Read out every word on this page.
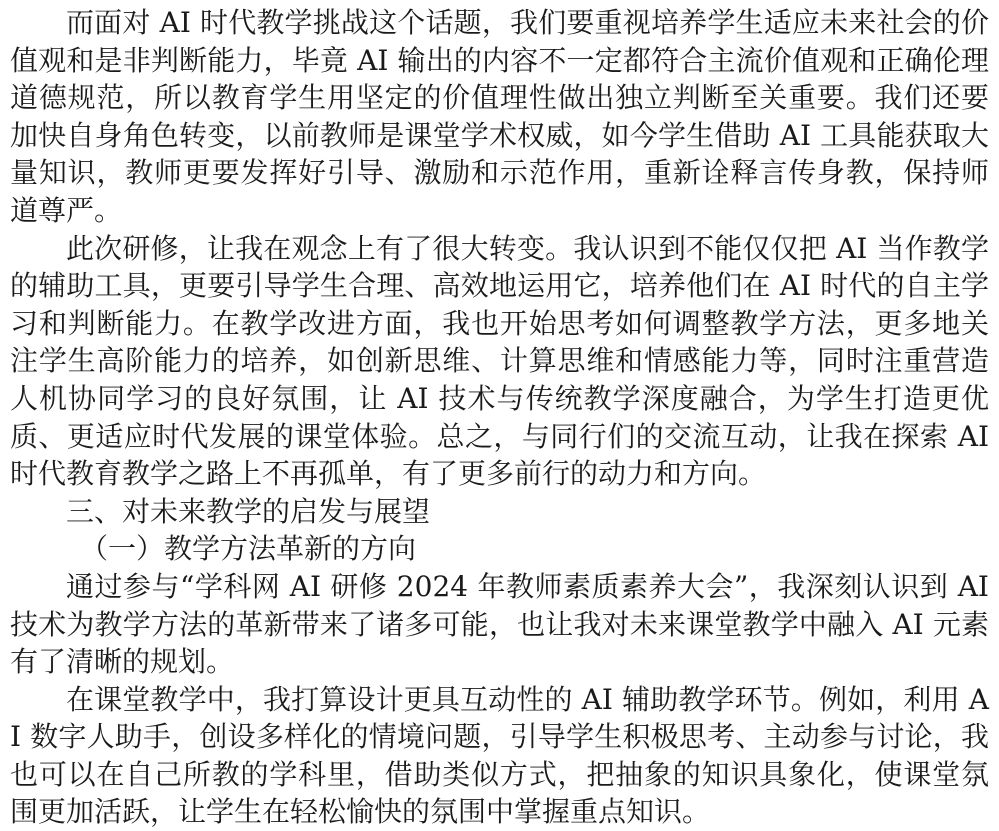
而面对 AI 时代教学挑战这个话题，我们要重视培养学生适应未来社会的价值观和是非判断能力，毕竟 AI 输出的内容不一定都符合主流价值观和正确伦理道德规范，所以教育学生用坚定的价值理性做出独立判断至关重要。我们还要加快自身角色转变，以前教师是课堂学术权威，如今学生借助 AI 工具能获取大量知识，教师更要发挥好引导、激励和示范作用，重新诠释言传身教，保持师道尊严。

此次研修，让我在观念上有了很大转变。我认识到不能仅仅把 AI 当作教学的辅助工具，更要引导学生合理、高效地运用它，培养他们在 AI 时代的自主学习和判断能力。在教学改进方面，我也开始思考如何调整教学方法，更多地关注学生高阶能力的培养，如创新思维、计算思维和情感能力等，同时注重营造人机协同学习的良好氛围，让 AI 技术与传统教学深度融合，为学生打造更优质、更适应时代发展的课堂体验。总之，与同行们的交流互动，让我在探索 AI 时代教育教学之路上不再孤单，有了更多前行的动力和方向。

三、对未来教学的启发与展望

（一）教学方法革新的方向

通过参与“学科网 AI 研修 2024 年教师素质素养大会”，我深刻认识到 AI 技术为教学方法的革新带来了诸多可能，也让我对未来课堂教学中融入 AI 元素有了清晰的规划。

在课堂教学中，我打算设计更具互动性的 AI 辅助教学环节。例如，利用 AI 数字人助手，创设多样化的情境问题，引导学生积极思考、主动参与讨论，我也可以在自己所教的学科里，借助类似方式，把抽象的知识具象化，使课堂氛围更加活跃，让学生在轻松愉快的氛围中掌握重点知识。
